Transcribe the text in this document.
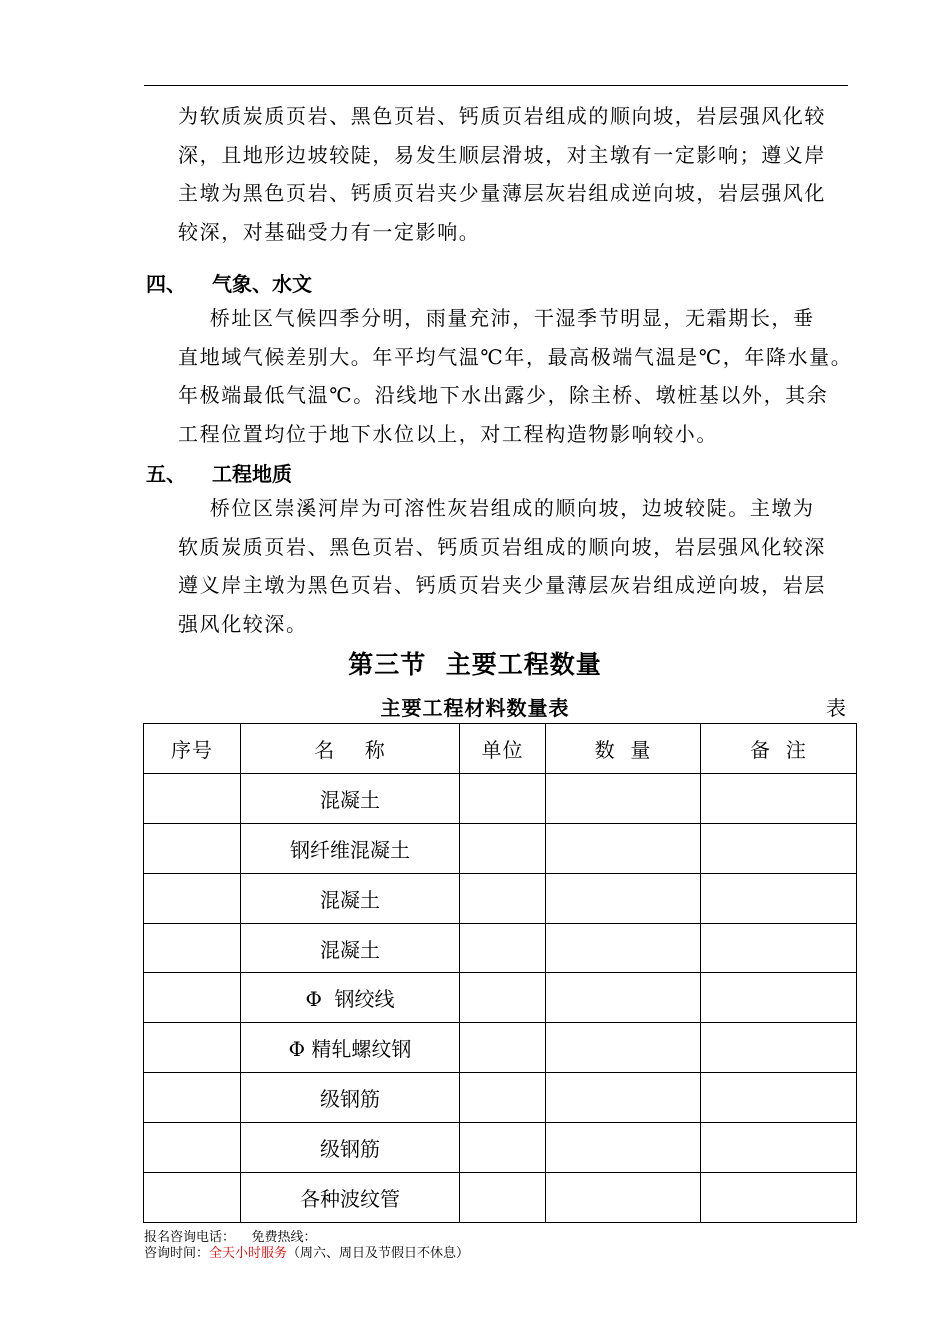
为软质炭质页岩、黑色页岩、钙质页岩组成的顺向坡，岩层强风化较
深，且地形边坡较陡，易发生顺层滑坡，对主墩有一定影响；遵义岸
主墩为黑色页岩、钙质页岩夹少量薄层灰岩组成逆向坡，岩层强风化
较深，对基础受力有一定影响。
四、 气象、水文
桥址区气候四季分明，雨量充沛，干湿季节明显，无霜期长，垂
直地域气候差别大。年平均气温℃年，最高极端气温是℃，年降水量。
年极端最低气温℃。沿线地下水出露少，除主桥、墩桩基以外，其余
工程位置均位于地下水位以上，对工程构造物影响较小。
五、 工程地质
桥位区崇溪河岸为可溶性灰岩组成的顺向坡，边坡较陡。主墩为
软质炭质页岩、黑色页岩、钙质页岩组成的顺向坡，岩层强风化较深
遵义岸主墩为黑色页岩、钙质页岩夹少量薄层灰岩组成逆向坡，岩层
强风化较深。
第三节  主要工程数量
主要工程材料数量表	表
序号	名    称	单位	数  量	备  注
	混凝土			
	钢纤维混凝土			
	混凝土			
	混凝土			
	Φ  钢绞线			
	Φ 精轧螺纹钢			
	级钢筋			
	级钢筋			
	各种波纹管			
报名咨询电话：    免费热线：
咨询时间：全天小时服务（周六、周日及节假日不休息）
